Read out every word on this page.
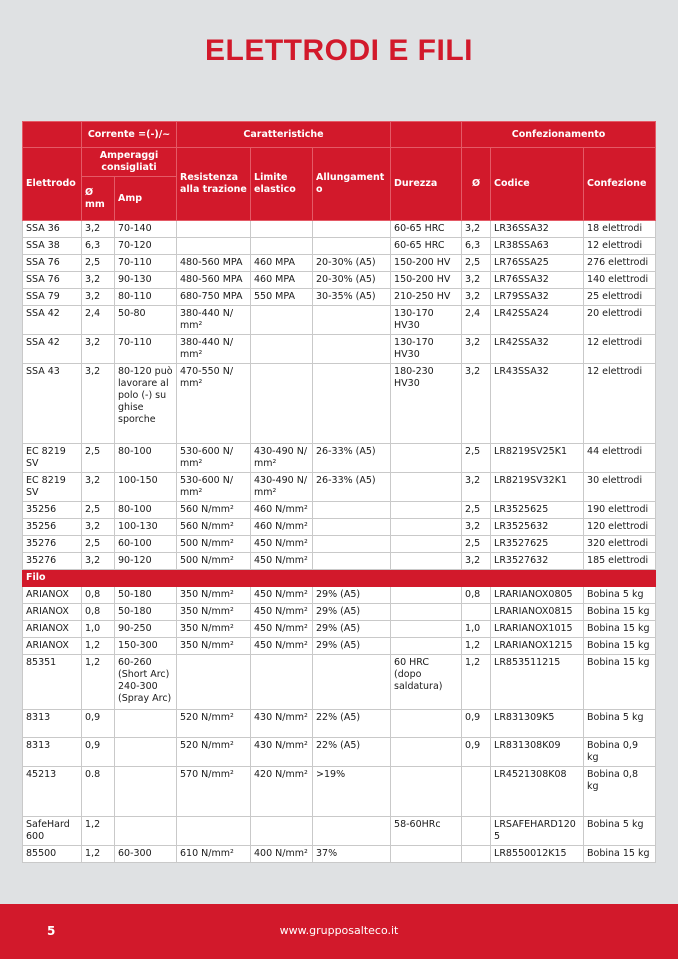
ELETTRODI E FILI
	Corrente =(-)/~		Caratteristiche				Confezionamento		
Elettrodo	Amperaggi consigliati		Resistenza alla trazione	Limite elastico	Allungamento	Durezza	Ø	Codice	Confezione
	Ø mm	Amp							
SSA 36	3,2	70-140				60-65 HRC	3,2	LR36SSA32	18 elettrodi
SSA 38	6,3	70-120				60-65 HRC	6,3	LR38SSA63	12 elettrodi
SSA 76	2,5	70-110	480-560 MPA	460 MPA	20-30% (A5)	150-200 HV	2,5	LR76SSA25	276 elettrodi
SSA 76	3,2	90-130	480-560 MPA	460 MPA	20-30% (A5)	150-200 HV	3,2	LR76SSA32	140 elettrodi
SSA 79	3,2	80-110	680-750 MPA	550 MPA	30-35% (A5)	210-250 HV	3,2	LR79SSA32	25 elettrodi
SSA 42	2,4	50-80	380-440 N/ mm²			130-170 HV30	2,4	LR42SSA24	20 elettrodi
SSA 42	3,2	70-110	380-440 N/ mm²			130-170 HV30	3,2	LR42SSA32	12 elettrodi
SSA 43	3,2	80-120 può lavorare al polo (-) su ghise sporche	470-550 N/ mm²			180-230 HV30	3,2	LR43SSA32	12 elettrodi
EC 8219 SV	2,5	80-100	530-600 N/ mm²	430-490 N/ mm²	26-33% (A5)		2,5	LR8219SV25K1	44 elettrodi
EC 8219 SV	3,2	100-150	530-600 N/ mm²	430-490 N/ mm²	26-33% (A5)		3,2	LR8219SV32K1	30 elettrodi
35256	2,5	80-100	560 N/mm²	460 N/mm²			2,5	LR3525625	190 elettrodi
35256	3,2	100-130	560 N/mm²	460 N/mm²			3,2	LR3525632	120 elettrodi
35276	2,5	60-100	500 N/mm²	450 N/mm²			2,5	LR3527625	320 elettrodi
35276	3,2	90-120	500 N/mm²	450 N/mm²			3,2	LR3527632	185 elettrodi
Filo									
ARIANOX	0,8	50-180	350 N/mm²	450 N/mm²	29% (A5)		0,8	LRARIANOX0805	Bobina 5 kg
ARIANOX	0,8	50-180	350 N/mm²	450 N/mm²	29% (A5)			LRARIANOX0815	Bobina 15 kg
ARIANOX	1,0	90-250	350 N/mm²	450 N/mm²	29% (A5)		1,0	LRARIANOX1015	Bobina 15 kg
ARIANOX	1,2	150-300	350 N/mm²	450 N/mm²	29% (A5)		1,2	LRARIANOX1215	Bobina 15 kg
85351	1,2	60-260 (Short Arc) 240-300 (Spray Arc)				60 HRC (dopo saldatura)	1,2	LR853511215	Bobina 15 kg
8313	0,9		520 N/mm²	430 N/mm²	22% (A5)		0,9	LR831309K5	Bobina 5 kg
8313	0,9		520 N/mm²	430 N/mm²	22% (A5)		0,9	LR831308K09	Bobina 0,9 kg
45213	0.8		570 N/mm²	420 N/mm²	>19%			LR4521308K08	Bobina 0,8 kg
SafeHard 600	1,2					58-60HRc		LRSAFEHARD1205	Bobina 5 kg
85500	1,2	60-300	610 N/mm²	400 N/mm²	37%			LR8550012K15	Bobina 15 kg
5	www.grupposalteco.it
